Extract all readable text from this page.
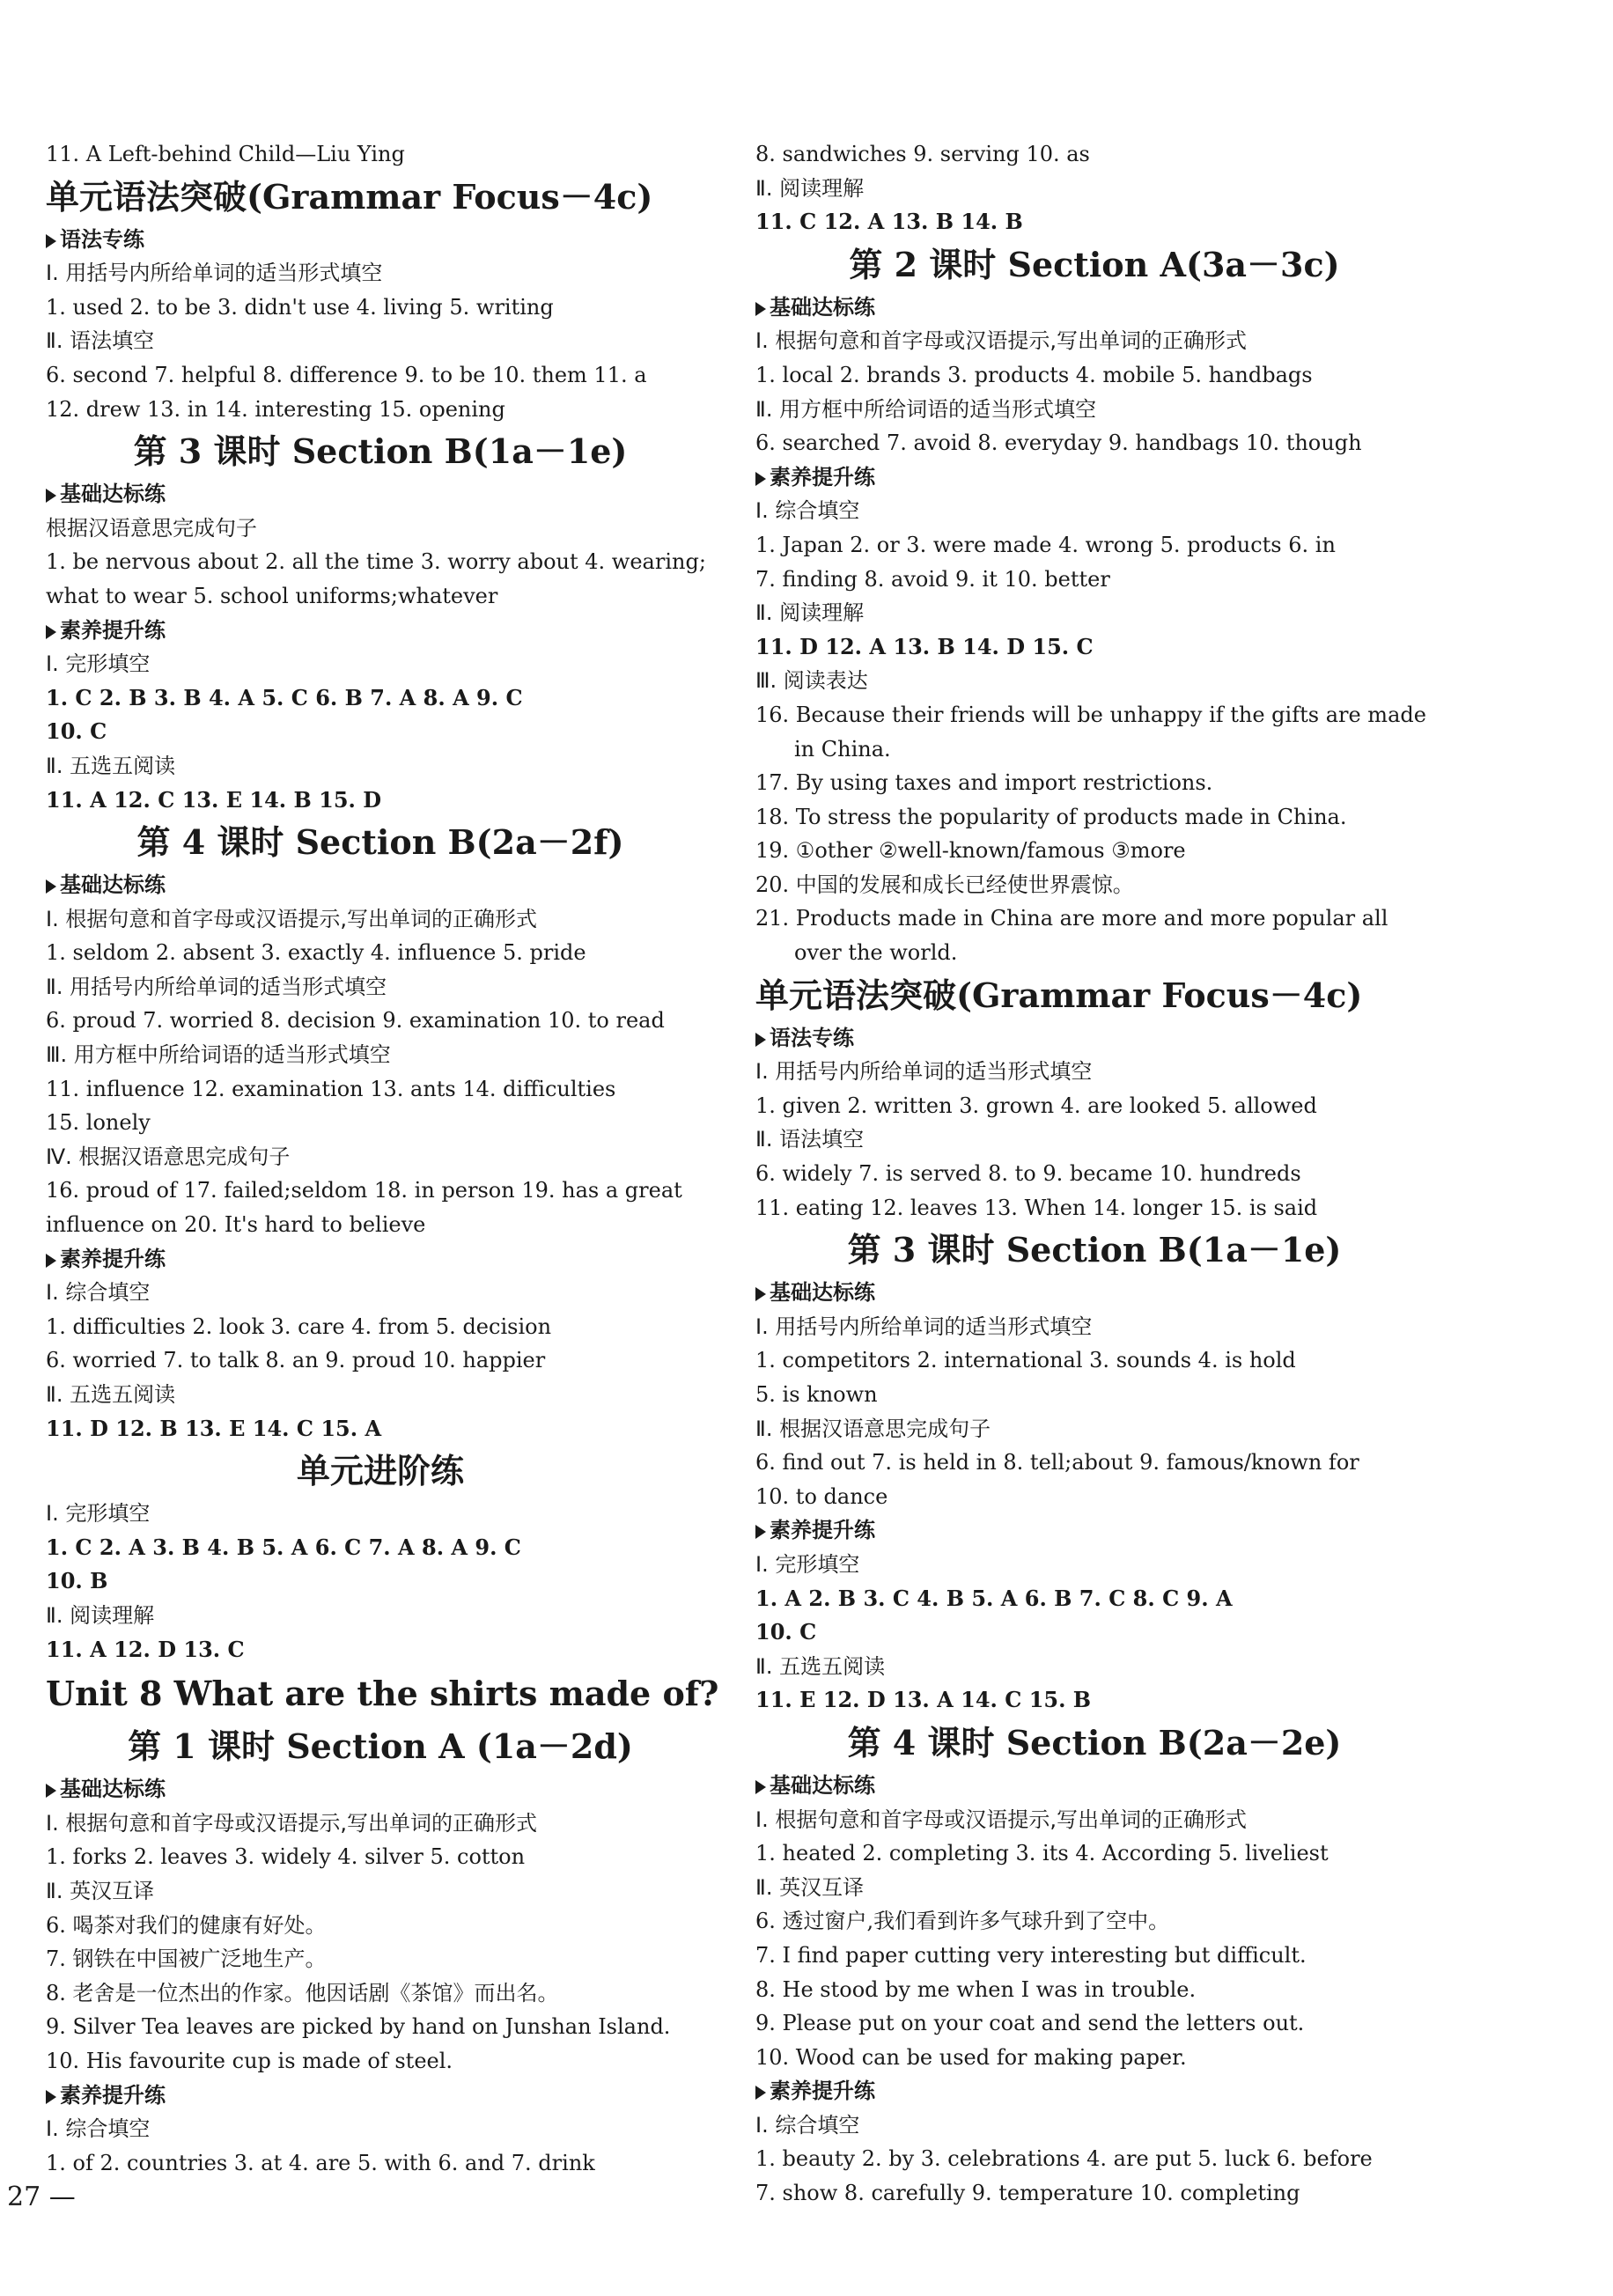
11. A Left-behind Child—Liu Ying
单元语法突破(Grammar Focus－4c)
语法专练
Ⅰ. 用括号内所给单词的适当形式填空
1. used 2. to be 3. didn't use 4. living 5. writing
Ⅱ. 语法填空
6. second 7. helpful 8. difference 9. to be 10. them 11. a
12. drew 13. in 14. interesting 15. opening
第 3 课时 Section B(1a－1e)
基础达标练
根据汉语意思完成句子
1. be nervous about 2. all the time 3. worry about 4. wearing; what to wear 5. school uniforms;whatever
素养提升练
Ⅰ. 完形填空
1. C 2. B 3. B 4. A 5. C 6. B 7. A 8. A 9. C
10. C
Ⅱ. 五选五阅读
11. A 12. C 13. E 14. B 15. D
第 4 课时 Section B(2a－2f)
基础达标练
Ⅰ. 根据句意和首字母或汉语提示,写出单词的正确形式
1. seldom 2. absent 3. exactly 4. influence 5. pride
Ⅱ. 用括号内所给单词的适当形式填空
6. proud 7. worried 8. decision 9. examination 10. to read
Ⅲ. 用方框中所给词语的适当形式填空
11. influence 12. examination 13. ants 14. difficulties
15. lonely
Ⅳ. 根据汉语意思完成句子
16. proud of 17. failed;seldom 18. in person 19. has a great influence on 20. It's hard to believe
素养提升练
Ⅰ. 综合填空
1. difficulties 2. look 3. care 4. from 5. decision
6. worried 7. to talk 8. an 9. proud 10. happier
Ⅱ. 五选五阅读
11. D 12. B 13. E 14. C 15. A
单元进阶练
Ⅰ. 完形填空
1. C 2. A 3. B 4. B 5. A 6. C 7. A 8. A 9. C
10. B
Ⅱ. 阅读理解
11. A 12. D 13. C
Unit 8 What are the shirts made of?
第 1 课时 Section A (1a－2d)
基础达标练
Ⅰ. 根据句意和首字母或汉语提示,写出单词的正确形式
1. forks 2. leaves 3. widely 4. silver 5. cotton
Ⅱ. 英汉互译
6. 喝茶对我们的健康有好处。
7. 钢铁在中国被广泛地生产。
8. 老舍是一位杰出的作家。他因话剧《茶馆》而出名。
9. Silver Tea leaves are picked by hand on Junshan Island.
10. His favourite cup is made of steel.
素养提升练
Ⅰ. 综合填空
1. of 2. countries 3. at 4. are 5. with 6. and 7. drink
8. sandwiches 9. serving 10. as
Ⅱ. 阅读理解
11. C 12. A 13. B 14. B
第 2 课时 Section A(3a－3c)
基础达标练
Ⅰ. 根据句意和首字母或汉语提示,写出单词的正确形式
1. local 2. brands 3. products 4. mobile 5. handbags
Ⅱ. 用方框中所给词语的适当形式填空
6. searched 7. avoid 8. everyday 9. handbags 10. though
素养提升练
Ⅰ. 综合填空
1. Japan 2. or 3. were made 4. wrong 5. products 6. in
7. finding 8. avoid 9. it 10. better
Ⅱ. 阅读理解
11. D 12. A 13. B 14. D 15. C
Ⅲ. 阅读表达
16. Because their friends will be unhappy if the gifts are made in China.
17. By using taxes and import restrictions.
18. To stress the popularity of products made in China.
19. ①other ②well-known/famous ③more
20. 中国的发展和成长已经使世界震惊。
21. Products made in China are more and more popular all over the world.
单元语法突破(Grammar Focus－4c)
语法专练
Ⅰ. 用括号内所给单词的适当形式填空
1. given 2. written 3. grown 4. are looked 5. allowed
Ⅱ. 语法填空
6. widely 7. is served 8. to 9. became 10. hundreds
11. eating 12. leaves 13. When 14. longer 15. is said
第 3 课时 Section B(1a－1e)
基础达标练
Ⅰ. 用括号内所给单词的适当形式填空
1. competitors 2. international 3. sounds 4. is hold
5. is known
Ⅱ. 根据汉语意思完成句子
6. find out 7. is held in 8. tell;about 9. famous/known for
10. to dance
素养提升练
Ⅰ. 完形填空
1. A 2. B 3. C 4. B 5. A 6. B 7. C 8. C 9. A
10. C
Ⅱ. 五选五阅读
11. E 12. D 13. A 14. C 15. B
第 4 课时 Section B(2a－2e)
基础达标练
Ⅰ. 根据句意和首字母或汉语提示,写出单词的正确形式
1. heated 2. completing 3. its 4. According 5. liveliest
Ⅱ. 英汉互译
6. 透过窗户,我们看到许多气球升到了空中。
7. I find paper cutting very interesting but difficult.
8. He stood by me when I was in trouble.
9. Please put on your coat and send the letters out.
10. Wood can be used for making paper.
素养提升练
Ⅰ. 综合填空
1. beauty 2. by 3. celebrations 4. are put 5. luck 6. before
7. show 8. carefully 9. temperature 10. completing
27 —
